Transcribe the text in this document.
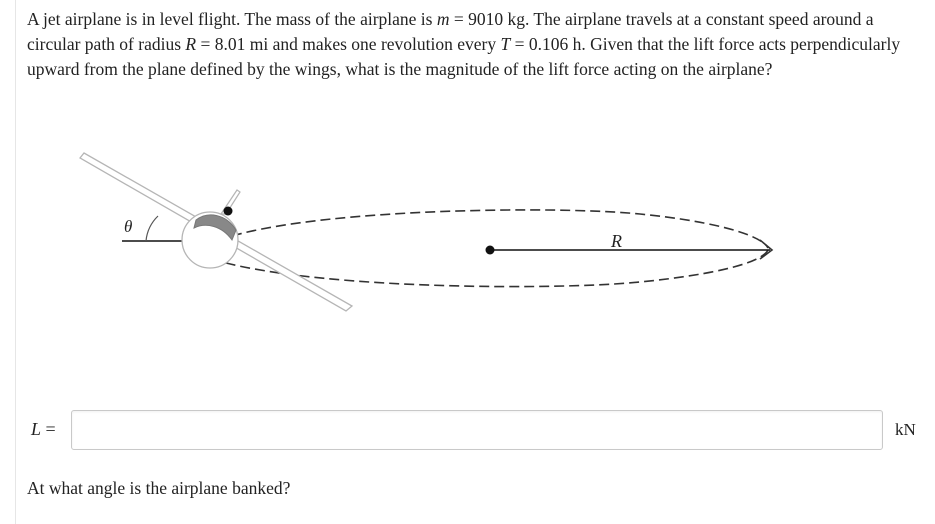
A jet airplane is in level flight. The mass of the airplane is m = 9010 kg. The airplane travels at a constant speed around a circular path of radius R = 8.01 mi and makes one revolution every T = 0.106 h. Given that the lift force acts perpendicularly upward from the plane defined by the wings, what is the magnitude of the lift force acting on the airplane?

R
θ
L =	kN
At what angle is the airplane banked?
